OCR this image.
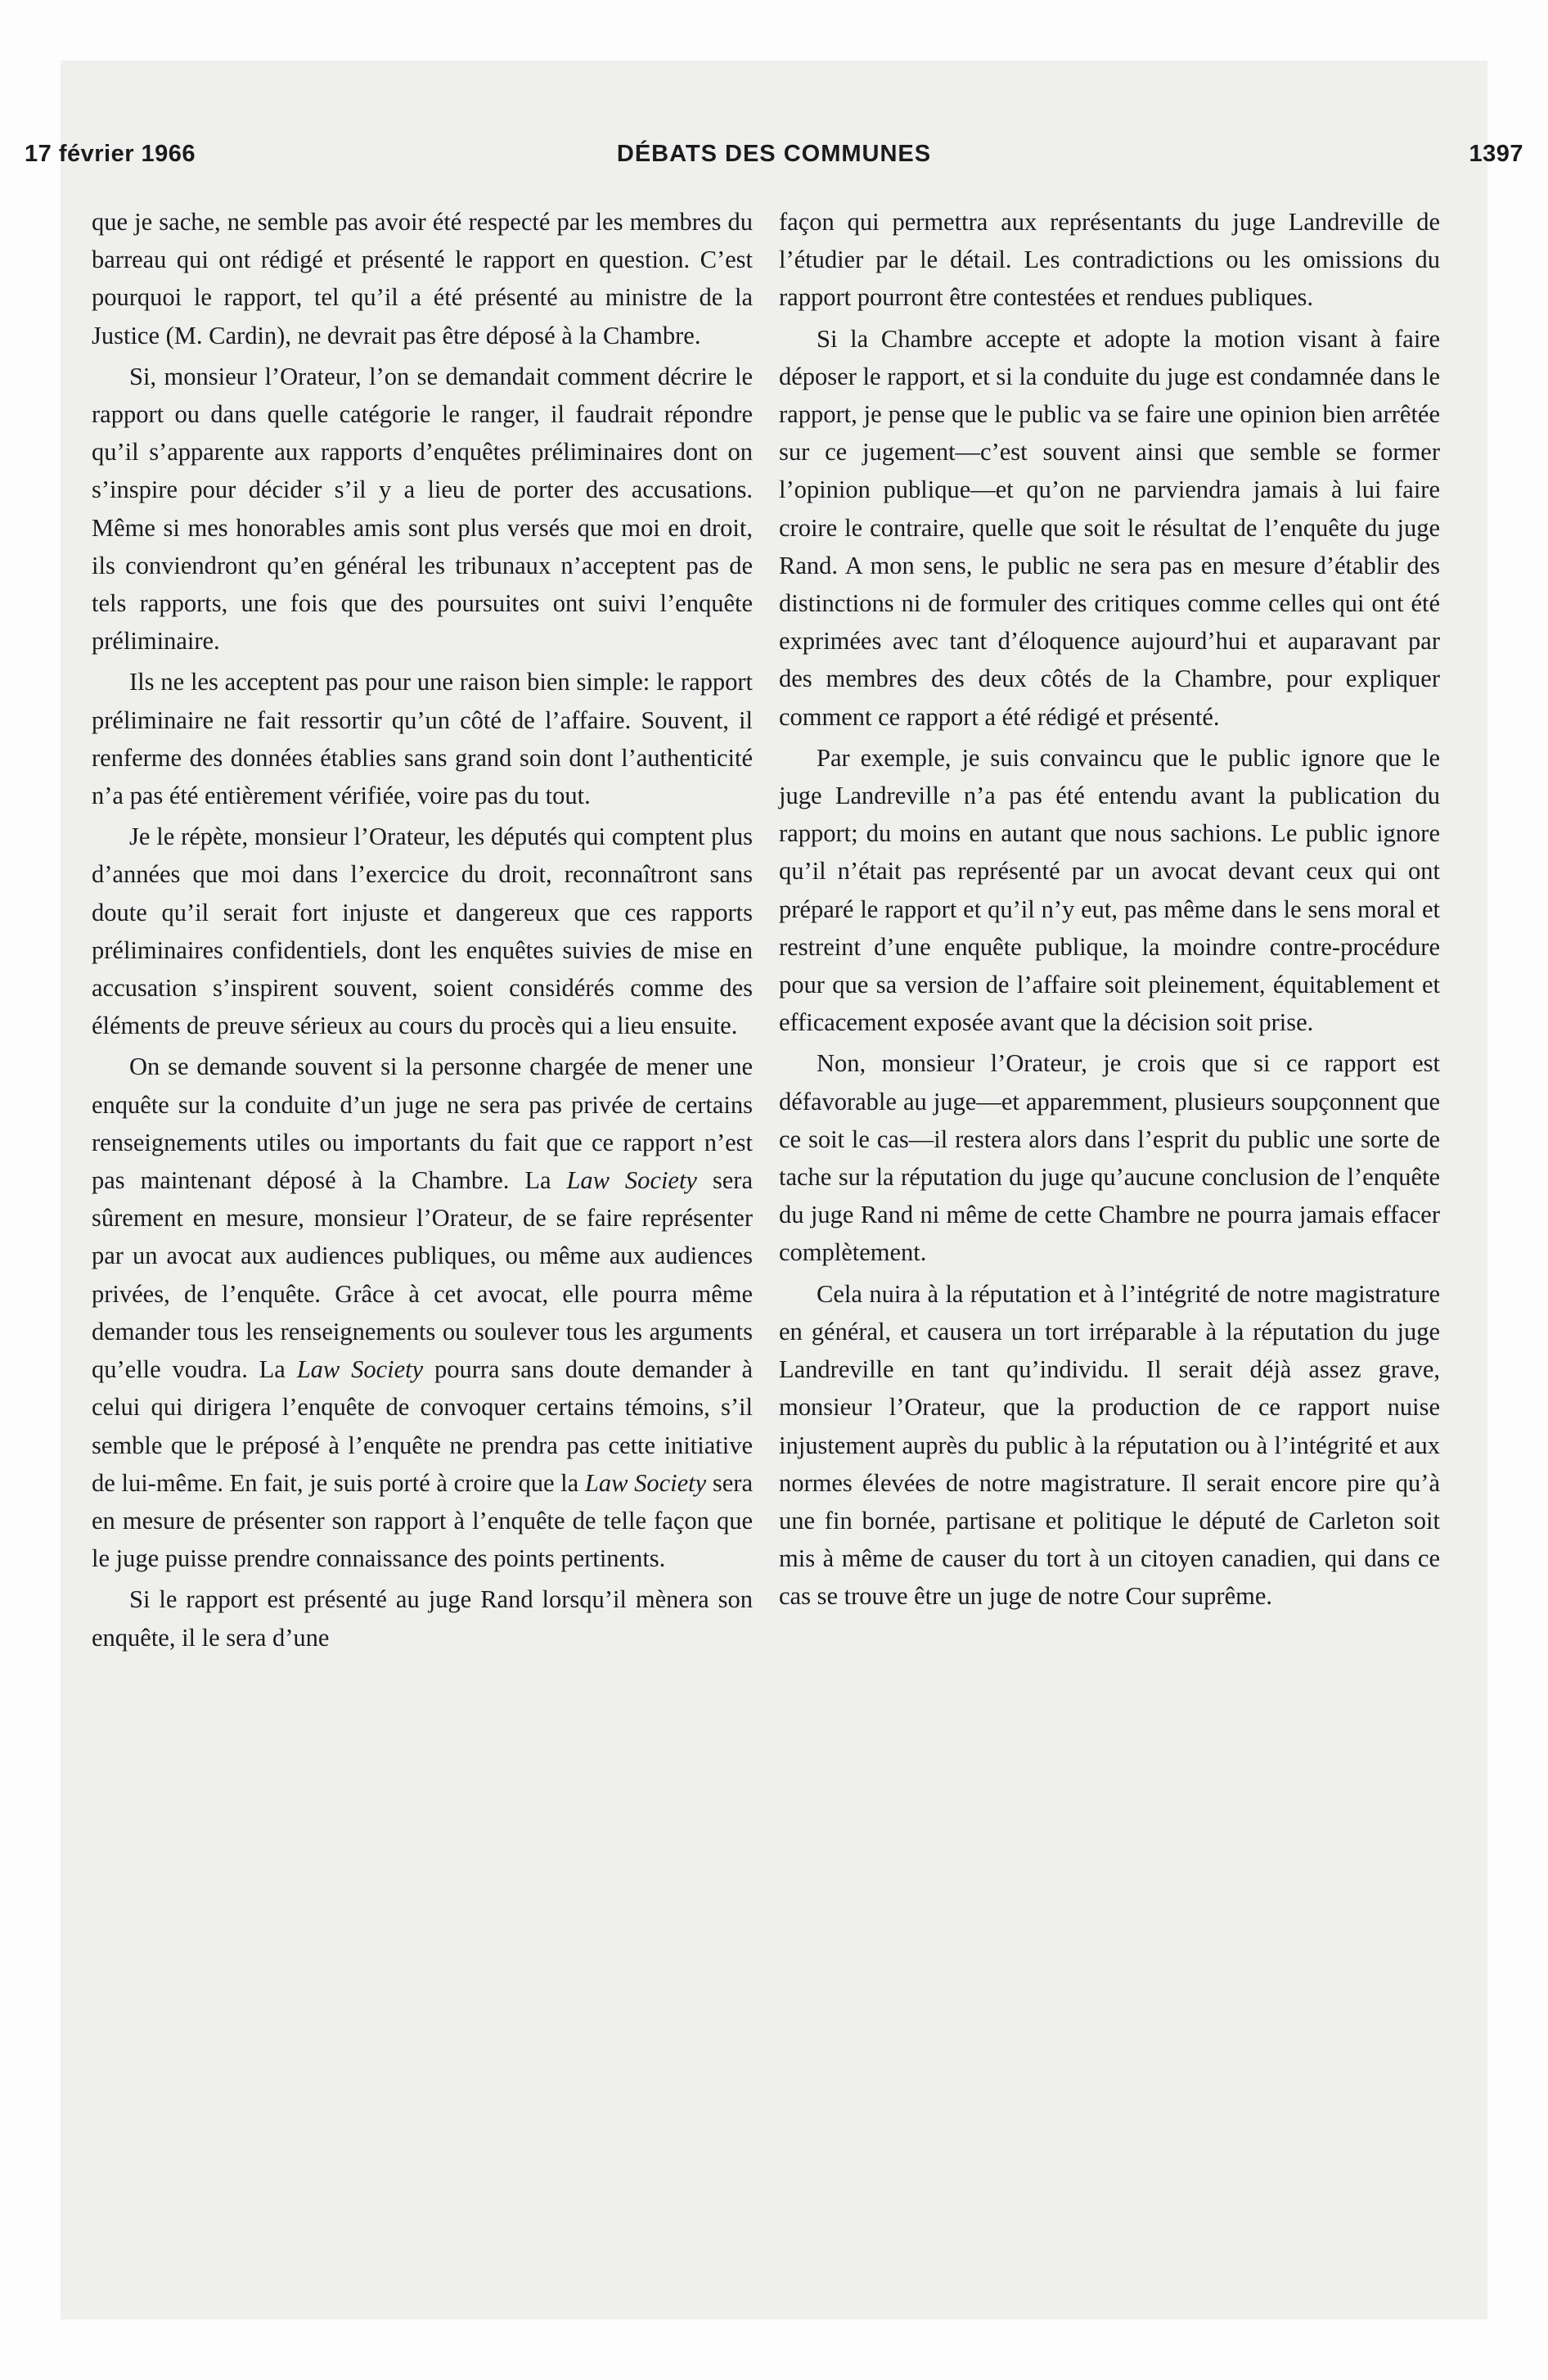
17 février 1966	DÉBATS DES COMMUNES	1397

que je sache, ne semble pas avoir été respecté par les membres du barreau qui ont rédigé et présenté le rapport en question. C’est pourquoi le rapport, tel qu’il a été présenté au ministre de la Justice (M. Cardin), ne devrait pas être déposé à la Chambre.

Si, monsieur l’Orateur, l’on se demandait comment décrire le rapport ou dans quelle catégorie le ranger, il faudrait répondre qu’il s’apparente aux rapports d’enquêtes préliminaires dont on s’inspire pour décider s’il y a lieu de porter des accusations. Même si mes honorables amis sont plus versés que moi en droit, ils conviendront qu’en général les tribunaux n’acceptent pas de tels rapports, une fois que des poursuites ont suivi l’enquête préliminaire.

Ils ne les acceptent pas pour une raison bien simple: le rapport préliminaire ne fait ressortir qu’un côté de l’affaire. Souvent, il renferme des données établies sans grand soin dont l’authenticité n’a pas été entièrement vérifiée, voire pas du tout.

Je le répète, monsieur l’Orateur, les députés qui comptent plus d’années que moi dans l’exercice du droit, reconnaîtront sans doute qu’il serait fort injuste et dangereux que ces rapports préliminaires confidentiels, dont les enquêtes suivies de mise en accusation s’inspirent souvent, soient considérés comme des éléments de preuve sérieux au cours du procès qui a lieu ensuite.

On se demande souvent si la personne chargée de mener une enquête sur la conduite d’un juge ne sera pas privée de certains renseignements utiles ou importants du fait que ce rapport n’est pas maintenant déposé à la Chambre. La Law Society sera sûrement en mesure, monsieur l’Orateur, de se faire représenter par un avocat aux audiences publiques, ou même aux audiences privées, de l’enquête. Grâce à cet avocat, elle pourra même demander tous les renseignements ou soulever tous les arguments qu’elle voudra. La Law Society pourra sans doute demander à celui qui dirigera l’enquête de convoquer certains témoins, s’il semble que le préposé à l’enquête ne prendra pas cette initiative de lui-même. En fait, je suis porté à croire que la Law Society sera en mesure de présenter son rapport à l’enquête de telle façon que le juge puisse prendre connaissance des points pertinents.

Si le rapport est présenté au juge Rand lorsqu’il mènera son enquête, il le sera d’une

façon qui permettra aux représentants du juge Landreville de l’étudier par le détail. Les contradictions ou les omissions du rapport pourront être contestées et rendues publiques.

Si la Chambre accepte et adopte la motion visant à faire déposer le rapport, et si la conduite du juge est condamnée dans le rapport, je pense que le public va se faire une opinion bien arrêtée sur ce jugement—c’est souvent ainsi que semble se former l’opinion publique—et qu’on ne parviendra jamais à lui faire croire le contraire, quelle que soit le résultat de l’enquête du juge Rand. A mon sens, le public ne sera pas en mesure d’établir des distinctions ni de formuler des critiques comme celles qui ont été exprimées avec tant d’éloquence aujourd’hui et auparavant par des membres des deux côtés de la Chambre, pour expliquer comment ce rapport a été rédigé et présenté.

Par exemple, je suis convaincu que le public ignore que le juge Landreville n’a pas été entendu avant la publication du rapport; du moins en autant que nous sachions. Le public ignore qu’il n’était pas représenté par un avocat devant ceux qui ont préparé le rapport et qu’il n’y eut, pas même dans le sens moral et restreint d’une enquête publique, la moindre contre-procédure pour que sa version de l’affaire soit pleinement, équitablement et efficacement exposée avant que la décision soit prise.

Non, monsieur l’Orateur, je crois que si ce rapport est défavorable au juge—et apparemment, plusieurs soupçonnent que ce soit le cas—il restera alors dans l’esprit du public une sorte de tache sur la réputation du juge qu’aucune conclusion de l’enquête du juge Rand ni même de cette Chambre ne pourra jamais effacer complètement.

Cela nuira à la réputation et à l’intégrité de notre magistrature en général, et causera un tort irréparable à la réputation du juge Landreville en tant qu’individu. Il serait déjà assez grave, monsieur l’Orateur, que la production de ce rapport nuise injustement auprès du public à la réputation ou à l’intégrité et aux normes élevées de notre magistrature. Il serait encore pire qu’à une fin bornée, partisane et politique le député de Carleton soit mis à même de causer du tort à un citoyen canadien, qui dans ce cas se trouve être un juge de notre Cour suprême.
